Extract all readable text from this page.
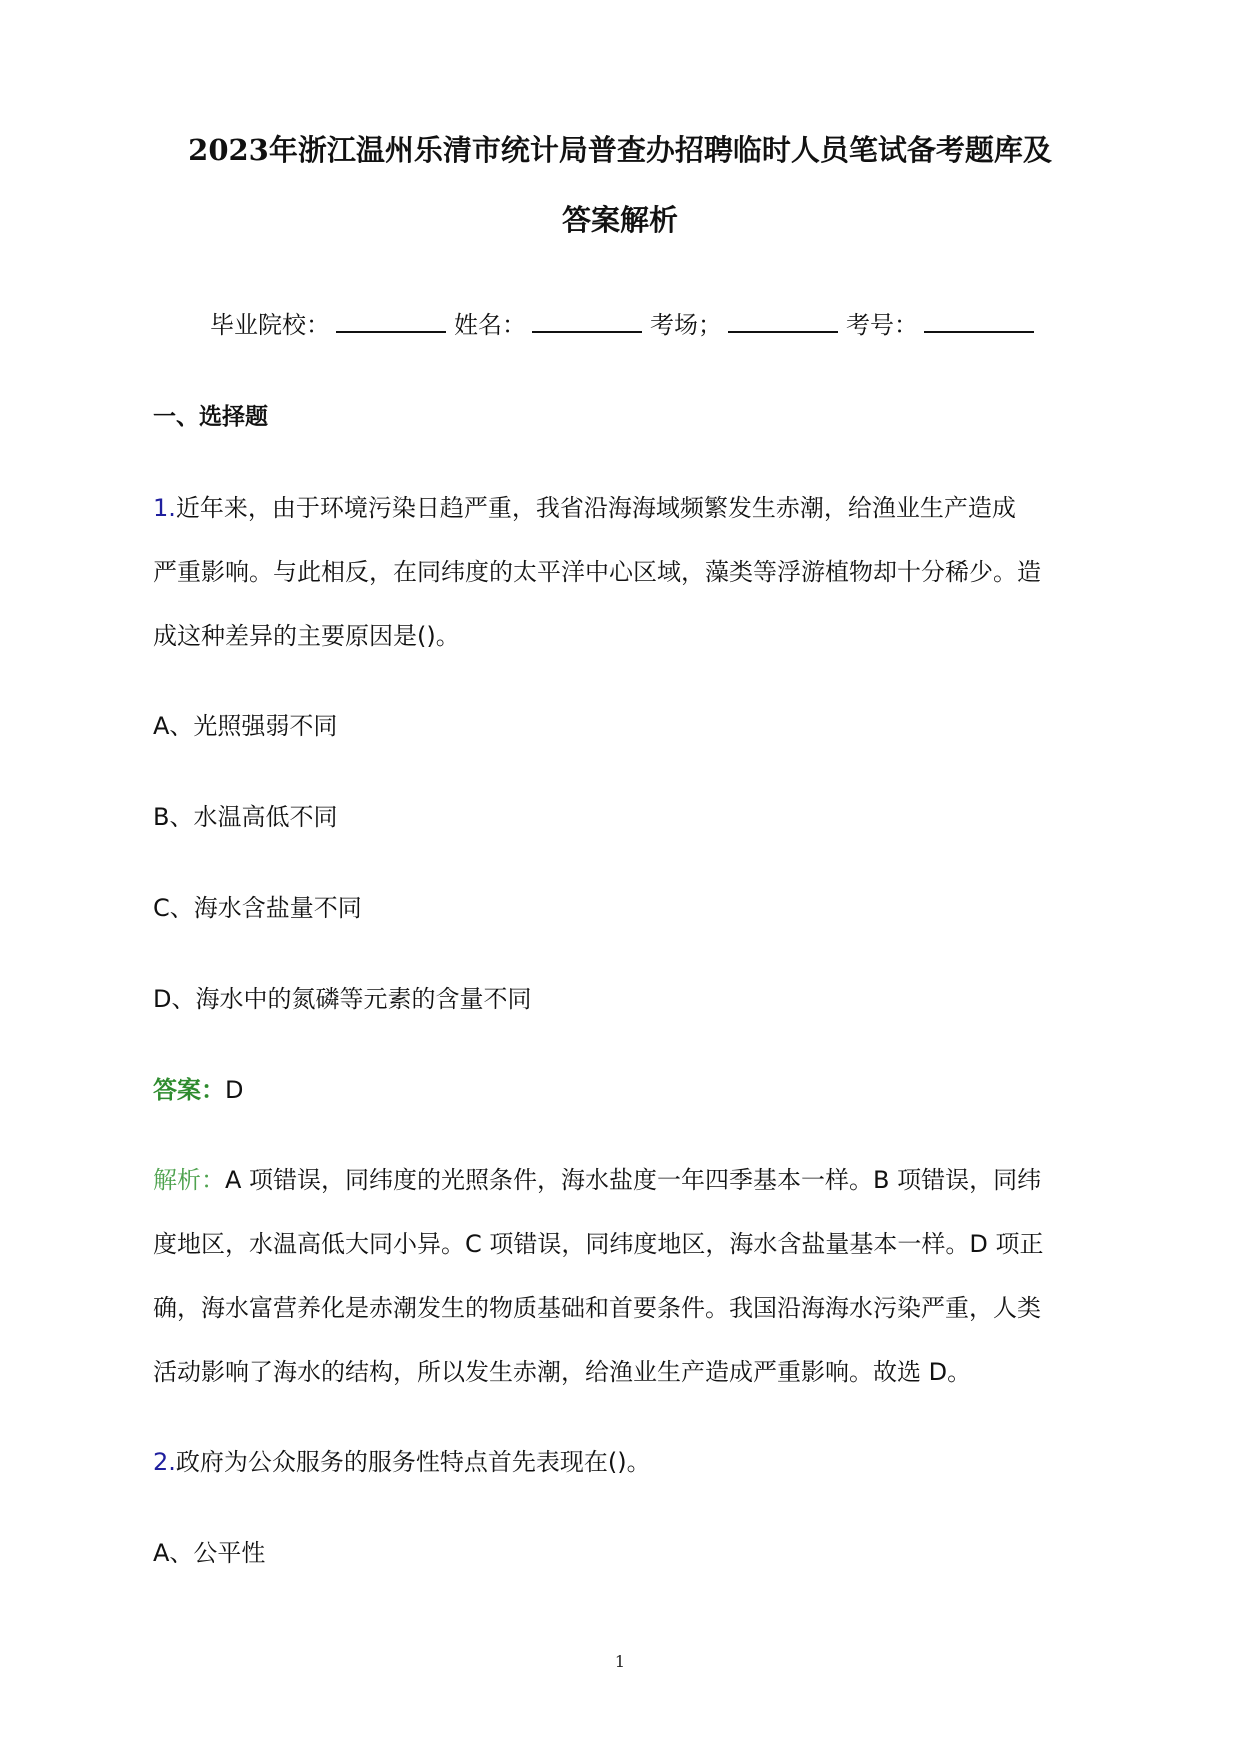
2023年浙江温州乐清市统计局普查办招聘临时人员笔试备考题库及
答案解析
毕业院校：	姓名：	考场；	考号：
一、选择题

1.近年来，由于环境污染日趋严重，我省沿海海域频繁发生赤潮，给渔业生产造成

严重影响。与此相反，在同纬度的太平洋中心区域，藻类等浮游植物却十分稀少。造

成这种差异的主要原因是()。

A、光照强弱不同

B、水温高低不同

C、海水含盐量不同

D、海水中的氮磷等元素的含量不同

答案：D

解析：A 项错误，同纬度的光照条件，海水盐度一年四季基本一样。B 项错误，同纬

度地区，水温高低大同小异。C 项错误，同纬度地区，海水含盐量基本一样。D 项正

确，海水富营养化是赤潮发生的物质基础和首要条件。我国沿海海水污染严重，人类

活动影响了海水的结构，所以发生赤潮，给渔业生产造成严重影响。故选 D。

2.政府为公众服务的服务性特点首先表现在()。

A、公平性

1
